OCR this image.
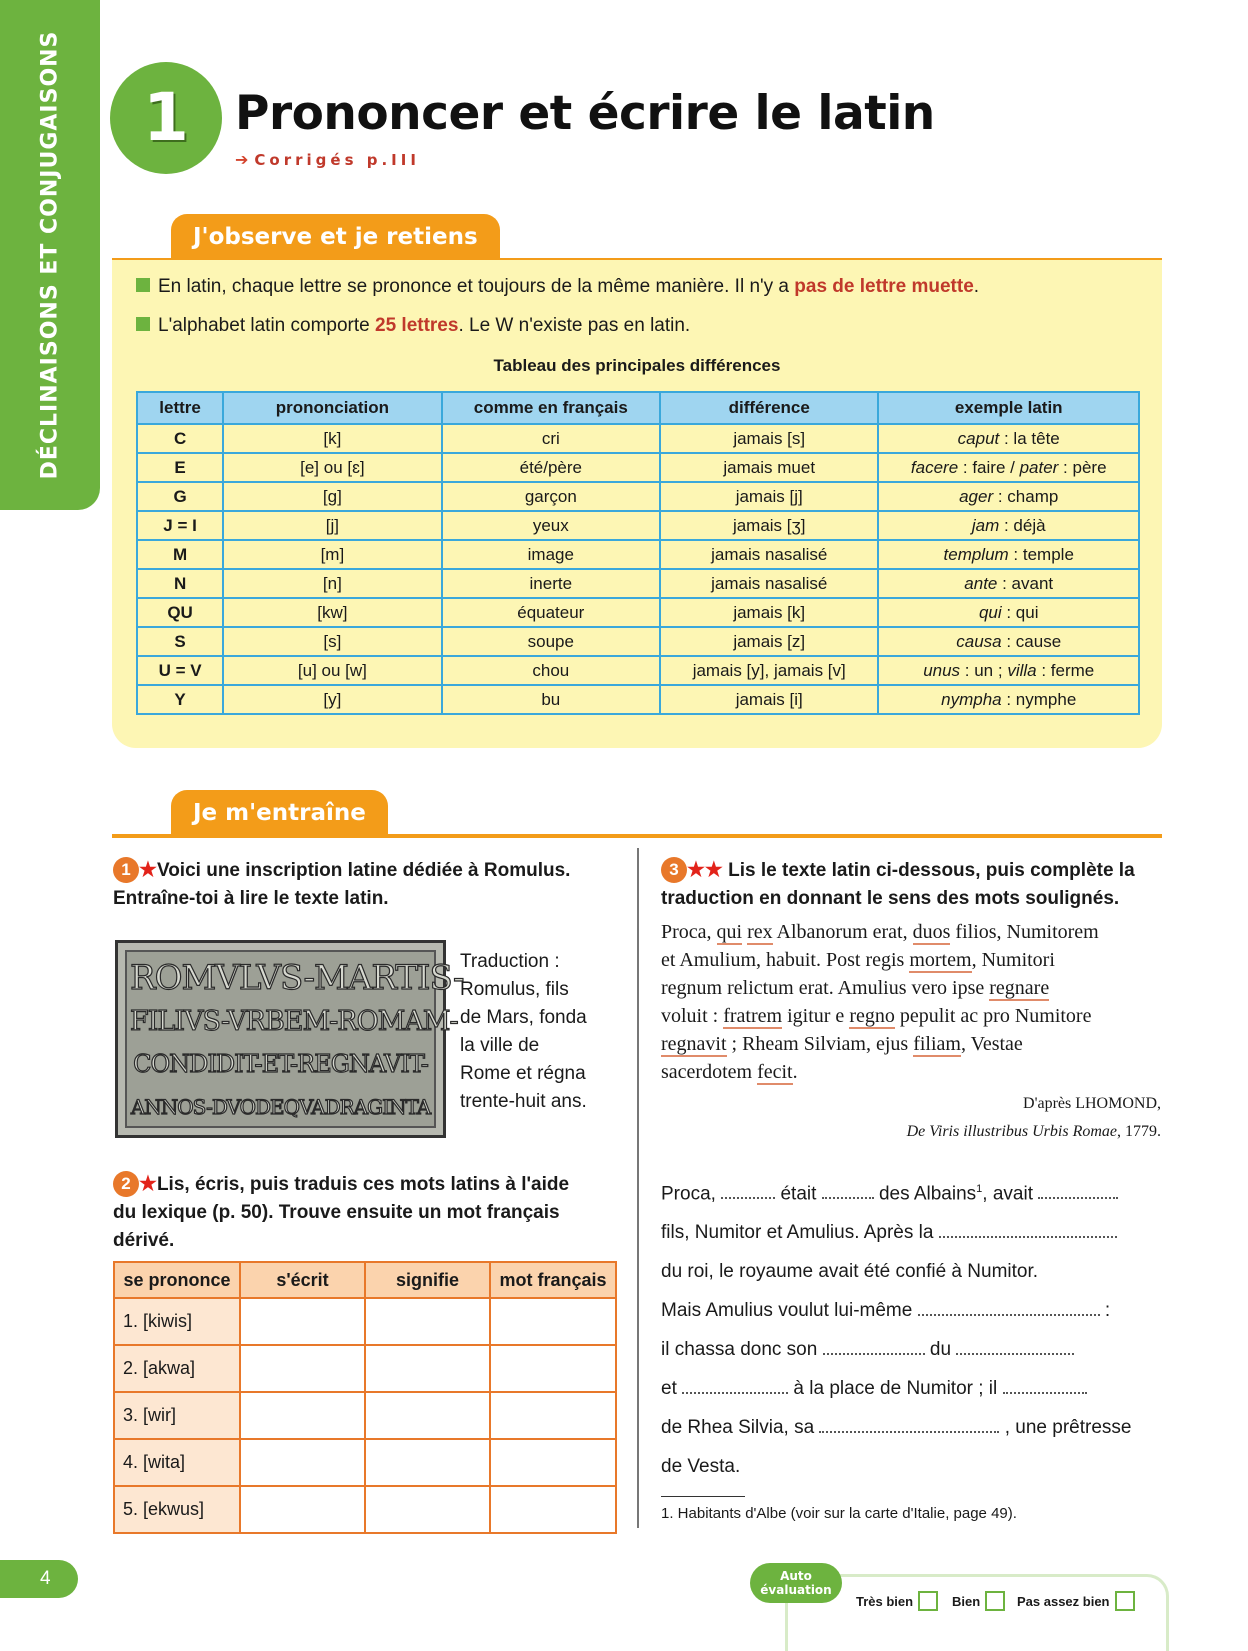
DÉCLINAISONS ET CONJUGAISONS	1 Prononcer et écrire le latin
➔ Corrigés p.III
J'observe et je retiens
En latin, chaque lettre se prononce et toujours de la même manière. Il n'y a pas de lettre muette.
L'alphabet latin comporte 25 lettres. Le W n'existe pas en latin.
Tableau des principales différences
lettre	prononciation	comme en français	différence	exemple latin
C	[k]	cri	jamais [s]	caput : la tête
E	[e] ou [ɛ]	été/père	jamais muet	facere : faire / pater : père
G	[g]	garçon	jamais [j]	ager : champ
J = I	[j]	yeux	jamais [ʒ]	jam : déjà
M	[m]	image	jamais nasalisé	templum : temple
N	[n]	inerte	jamais nasalisé	ante : avant
QU	[kw]	équateur	jamais [k]	qui : qui
S	[s]	soupe	jamais [z]	causa : cause
U = V	[u] ou [w]	chou	jamais [y], jamais [v]	unus : un ; villa : ferme
Y	[y]	bu	jamais [i]	nympha : nymphe
Je m'entraîne
1 ★Voici une inscription latine dédiée à Romulus.
Entraîne-toi à lire le texte latin.
ROMVLVS-MARTIS-
FILIVS-VRBEM-ROMAM-
CONDIDIT-ET-REGNAVIT-
ANNOS-DVODEQVADRAGINTA
Traduction :
Romulus, fils
de Mars, fonda
la ville de
Rome et régna
trente-huit ans.
2 ★Lis, écris, puis traduis ces mots latins à l'aide
du lexique (p. 50). Trouve ensuite un mot français
dérivé.
se prononce	s'écrit	signifie	mot français
1. [kiwis]			
2. [akwa]			
3. [wir]			
4. [wita]			
5. [ekwus]			
3 ★★ Lis le texte latin ci-dessous, puis complète la
traduction en donnant le sens des mots soulignés.
Proca, qui rex Albanorum erat, duos filios, Numitorem
et Amulium, habuit. Post regis mortem, Numitori
regnum relictum erat. Amulius vero ipse regnare
voluit : fratrem igitur e regno pepulit ac pro Numitore
regnavit ; Rheam Silviam, ejus filiam, Vestae
sacerdotem fecit.
D'après LHOMOND,
De Viris illustribus Urbis Romae, 1779.
Proca,	était	des Albains$^1$, avait
fils, Numitor et Amulius. Après la
du roi, le royaume avait été confié à Numitor.
Mais Amulius voulut lui-même	:
il chassa donc son	du
et	à la place de Numitor ; il
de Rhea Silvia, sa	, une prêtresse
de Vesta.
1. Habitants d'Albe (voir sur la carte d'Italie, page 49).
4	Auto
évaluation
Très bien	Bien	Pas assez bien
